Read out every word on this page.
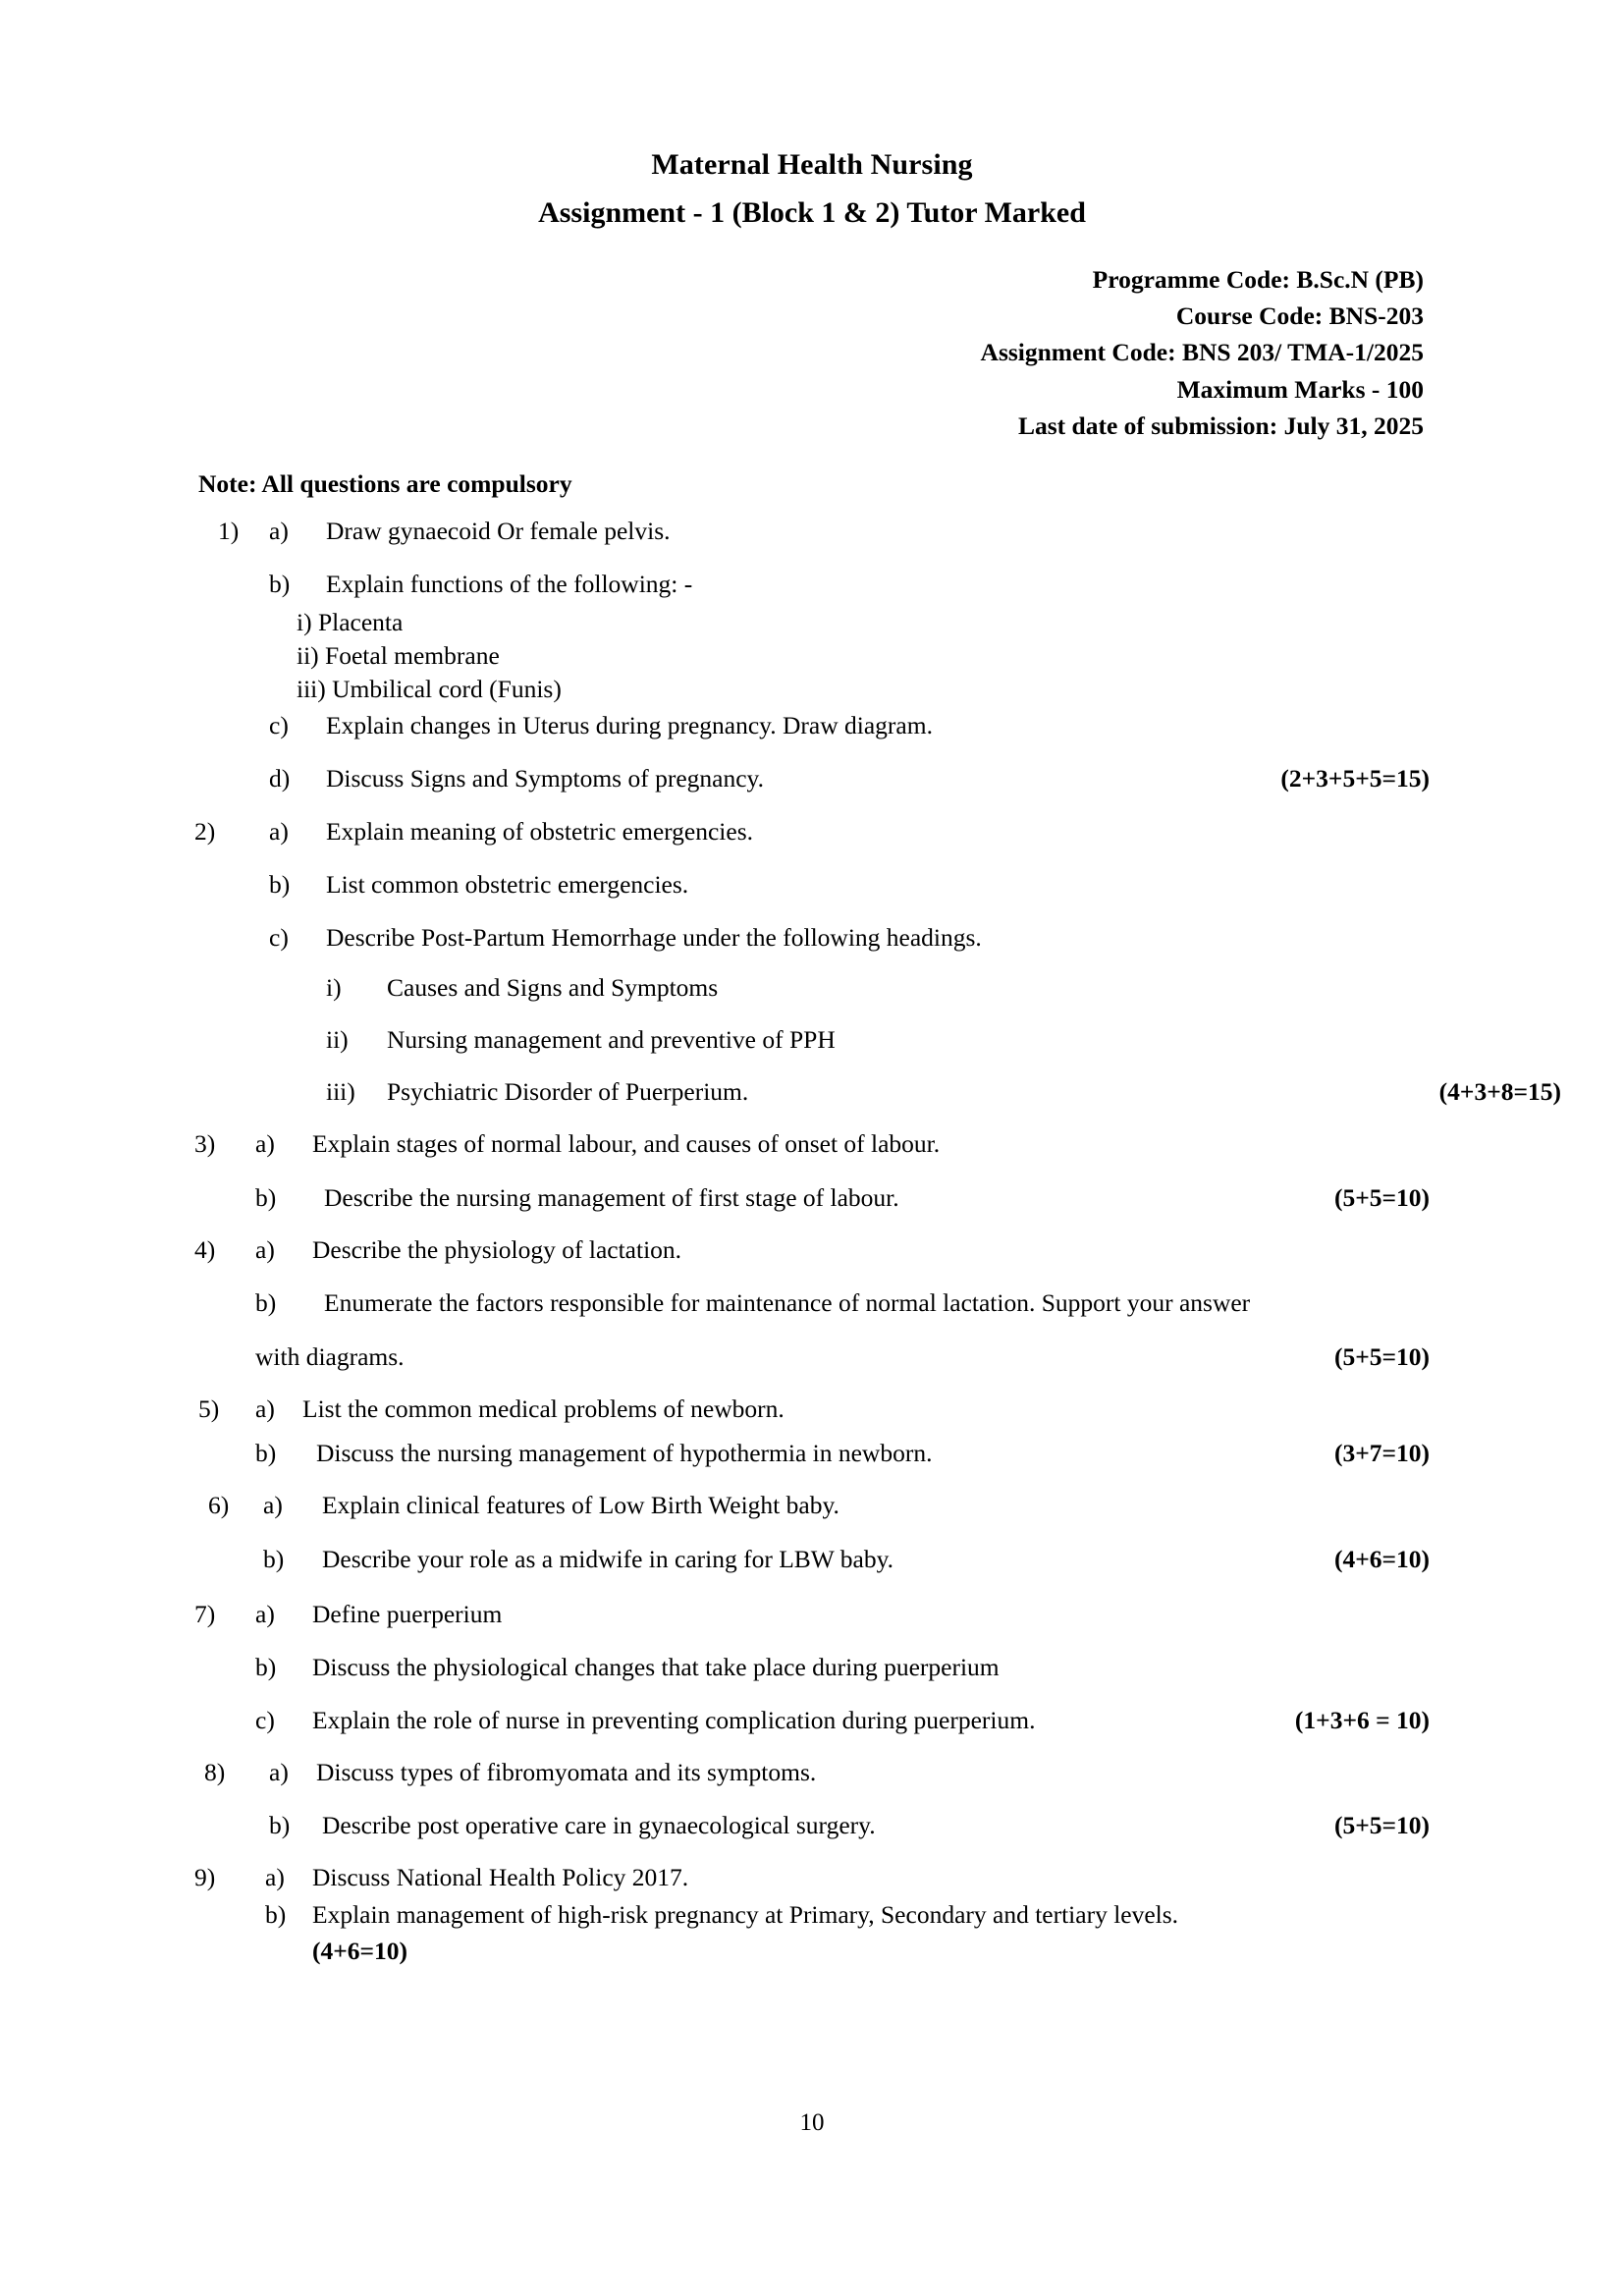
Maternal Health Nursing
Assignment - 1 (Block 1 & 2) Tutor Marked
Programme Code: B.Sc.N (PB)
Course Code: BNS-203
Assignment Code: BNS 203/ TMA-1/2025
Maximum Marks - 100
Last date of submission: July 31, 2025
Note: All questions are compulsory
1)	a)	Draw gynaecoid Or female pelvis.
b)	Explain functions of the following: -
i) Placenta
ii) Foetal membrane
iii) Umbilical cord (Funis)
c)	Explain changes in Uterus during pregnancy. Draw diagram.
d)	Discuss Signs and Symptoms of pregnancy.	(2+3+5+5=15)
2)	a)	Explain meaning of obstetric emergencies.
b)	List common obstetric emergencies.
c)	Describe Post-Partum Hemorrhage under the following headings.
i)	Causes and Signs and Symptoms
ii)	Nursing management and preventive of PPH
iii)	Psychiatric Disorder of Puerperium.	(4+3+8=15)
3)	a)	Explain stages of normal labour, and causes of onset of labour.
b)	Describe the nursing management of first stage of labour.	(5+5=10)
4)	a)	Describe the physiology of lactation.
b)	Enumerate the factors responsible for maintenance of normal lactation. Support your answer
with diagrams.	(5+5=10)
5)	a)	List the common medical problems of newborn.
b)	Discuss the nursing management of hypothermia in newborn.	(3+7=10)
6)	a)	Explain clinical features of Low Birth Weight baby.
b)	Describe your role as a midwife in caring for LBW baby.	(4+6=10)
7)	a)	Define puerperium
b)	Discuss the physiological changes that take place during puerperium
c)	Explain the role of nurse in preventing complication during puerperium.	(1+3+6 = 10)
8)	a)	Discuss types of fibromyomata and its symptoms.
b)	Describe post operative care in gynaecological surgery.	(5+5=10)
9)	a)	Discuss National Health Policy 2017.
b)	Explain management of high-risk pregnancy at Primary, Secondary and tertiary levels.
(4+6=10)
10
